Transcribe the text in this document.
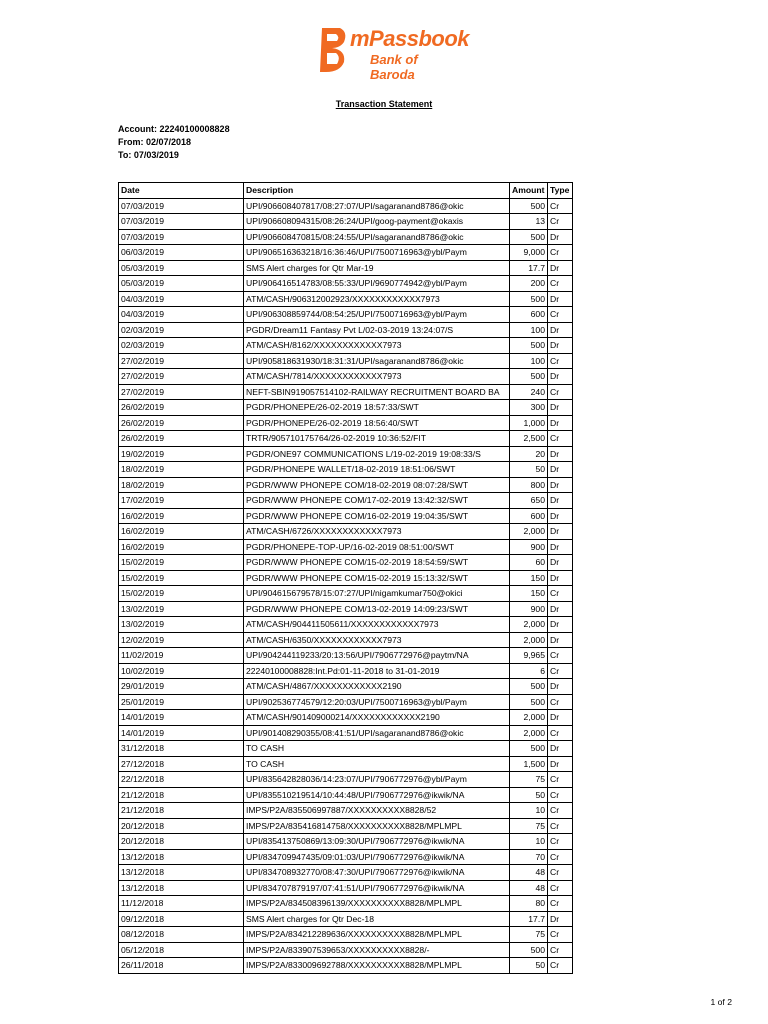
mPassbook
Bank of Baroda
Transaction Statement
Account: 22240100008828
From: 02/07/2018
To: 07/03/2019
Date	Description	Amount	Type
07/03/2019	UPI/906608407817/08:27:07/UPI/sagaranand8786@okic	500	Cr
07/03/2019	UPI/906608094315/08:26:24/UPI/goog-payment@okaxis	13	Cr
07/03/2019	UPI/906608470815/08:24:55/UPI/sagaranand8786@okic	500	Dr
06/03/2019	UPI/906516363218/16:36:46/UPI/7500716963@ybl/Paym	9,000	Cr
05/03/2019	SMS Alert charges for Qtr Mar-19	17.7	Dr
05/03/2019	UPI/906416514783/08:55:33/UPI/9690774942@ybl/Paym	200	Cr
04/03/2019	ATM/CASH/906312002923/XXXXXXXXXXXX7973	500	Dr
04/03/2019	UPI/906308859744/08:54:25/UPI/7500716963@ybl/Paym	600	Cr
02/03/2019	PGDR/Dream11 Fantasy Pvt L/02-03-2019 13:24:07/S	100	Dr
02/03/2019	ATM/CASH/8162/XXXXXXXXXXXX7973	500	Dr
27/02/2019	UPI/905818631930/18:31:31/UPI/sagaranand8786@okic	100	Cr
27/02/2019	ATM/CASH/7814/XXXXXXXXXXXX7973	500	Dr
27/02/2019	NEFT-SBIN919057514102-RAILWAY RECRUITMENT BOARD BA	240	Cr
26/02/2019	PGDR/PHONEPE/26-02-2019 18:57:33/SWT	300	Dr
26/02/2019	PGDR/PHONEPE/26-02-2019 18:56:40/SWT	1,000	Dr
26/02/2019	TRTR/905710175764/26-02-2019 10:36:52/FIT	2,500	Cr
19/02/2019	PGDR/ONE97 COMMUNICATIONS L/19-02-2019 19:08:33/S	20	Dr
18/02/2019	PGDR/PHONEPE WALLET/18-02-2019 18:51:06/SWT	50	Dr
18/02/2019	PGDR/WWW PHONEPE COM/18-02-2019 08:07:28/SWT	800	Dr
17/02/2019	PGDR/WWW PHONEPE COM/17-02-2019 13:42:32/SWT	650	Dr
16/02/2019	PGDR/WWW PHONEPE COM/16-02-2019 19:04:35/SWT	600	Dr
16/02/2019	ATM/CASH/6726/XXXXXXXXXXXX7973	2,000	Dr
16/02/2019	PGDR/PHONEPE-TOP-UP/16-02-2019 08:51:00/SWT	900	Dr
15/02/2019	PGDR/WWW PHONEPE COM/15-02-2019 18:54:59/SWT	60	Dr
15/02/2019	PGDR/WWW PHONEPE COM/15-02-2019 15:13:32/SWT	150	Dr
15/02/2019	UPI/904615679578/15:07:27/UPI/nigamkumar750@okici	150	Cr
13/02/2019	PGDR/WWW PHONEPE COM/13-02-2019 14:09:23/SWT	900	Dr
13/02/2019	ATM/CASH/904411505611/XXXXXXXXXXXX7973	2,000	Dr
12/02/2019	ATM/CASH/6350/XXXXXXXXXXXX7973	2,000	Dr
11/02/2019	UPI/904244119233/20:13:56/UPI/7906772976@paytm/NA	9,965	Cr
10/02/2019	22240100008828:Int.Pd:01-11-2018 to 31-01-2019	6	Cr
29/01/2019	ATM/CASH/4867/XXXXXXXXXXXX2190	500	Dr
25/01/2019	UPI/902536774579/12:20:03/UPI/7500716963@ybl/Paym	500	Cr
14/01/2019	ATM/CASH/901409000214/XXXXXXXXXXXX2190	2,000	Dr
14/01/2019	UPI/901408290355/08:41:51/UPI/sagaranand8786@okic	2,000	Cr
31/12/2018	TO CASH	500	Dr
27/12/2018	TO CASH	1,500	Dr
22/12/2018	UPI/835642828036/14:23:07/UPI/7906772976@ybl/Paym	75	Cr
21/12/2018	UPI/835510219514/10:44:48/UPI/7906772976@ikwik/NA	50	Cr
21/12/2018	IMPS/P2A/835506997887/XXXXXXXXXX8828/52	10	Cr
20/12/2018	IMPS/P2A/835416814758/XXXXXXXXXX8828/MPLMPL	75	Cr
20/12/2018	UPI/835413750869/13:09:30/UPI/7906772976@ikwik/NA	10	Cr
13/12/2018	UPI/834709947435/09:01:03/UPI/7906772976@ikwik/NA	70	Cr
13/12/2018	UPI/834708932770/08:47:30/UPI/7906772976@ikwik/NA	48	Cr
13/12/2018	UPI/834707879197/07:41:51/UPI/7906772976@ikwik/NA	48	Cr
11/12/2018	IMPS/P2A/834508396139/XXXXXXXXXX8828/MPLMPL	80	Cr
09/12/2018	SMS Alert charges for Qtr Dec-18	17.7	Dr
08/12/2018	IMPS/P2A/834212289636/XXXXXXXXXX8828/MPLMPL	75	Cr
05/12/2018	IMPS/P2A/833907539653/XXXXXXXXXX8828/-	500	Cr
26/11/2018	IMPS/P2A/833009692788/XXXXXXXXXX8828/MPLMPL	50	Cr
1 of 2
